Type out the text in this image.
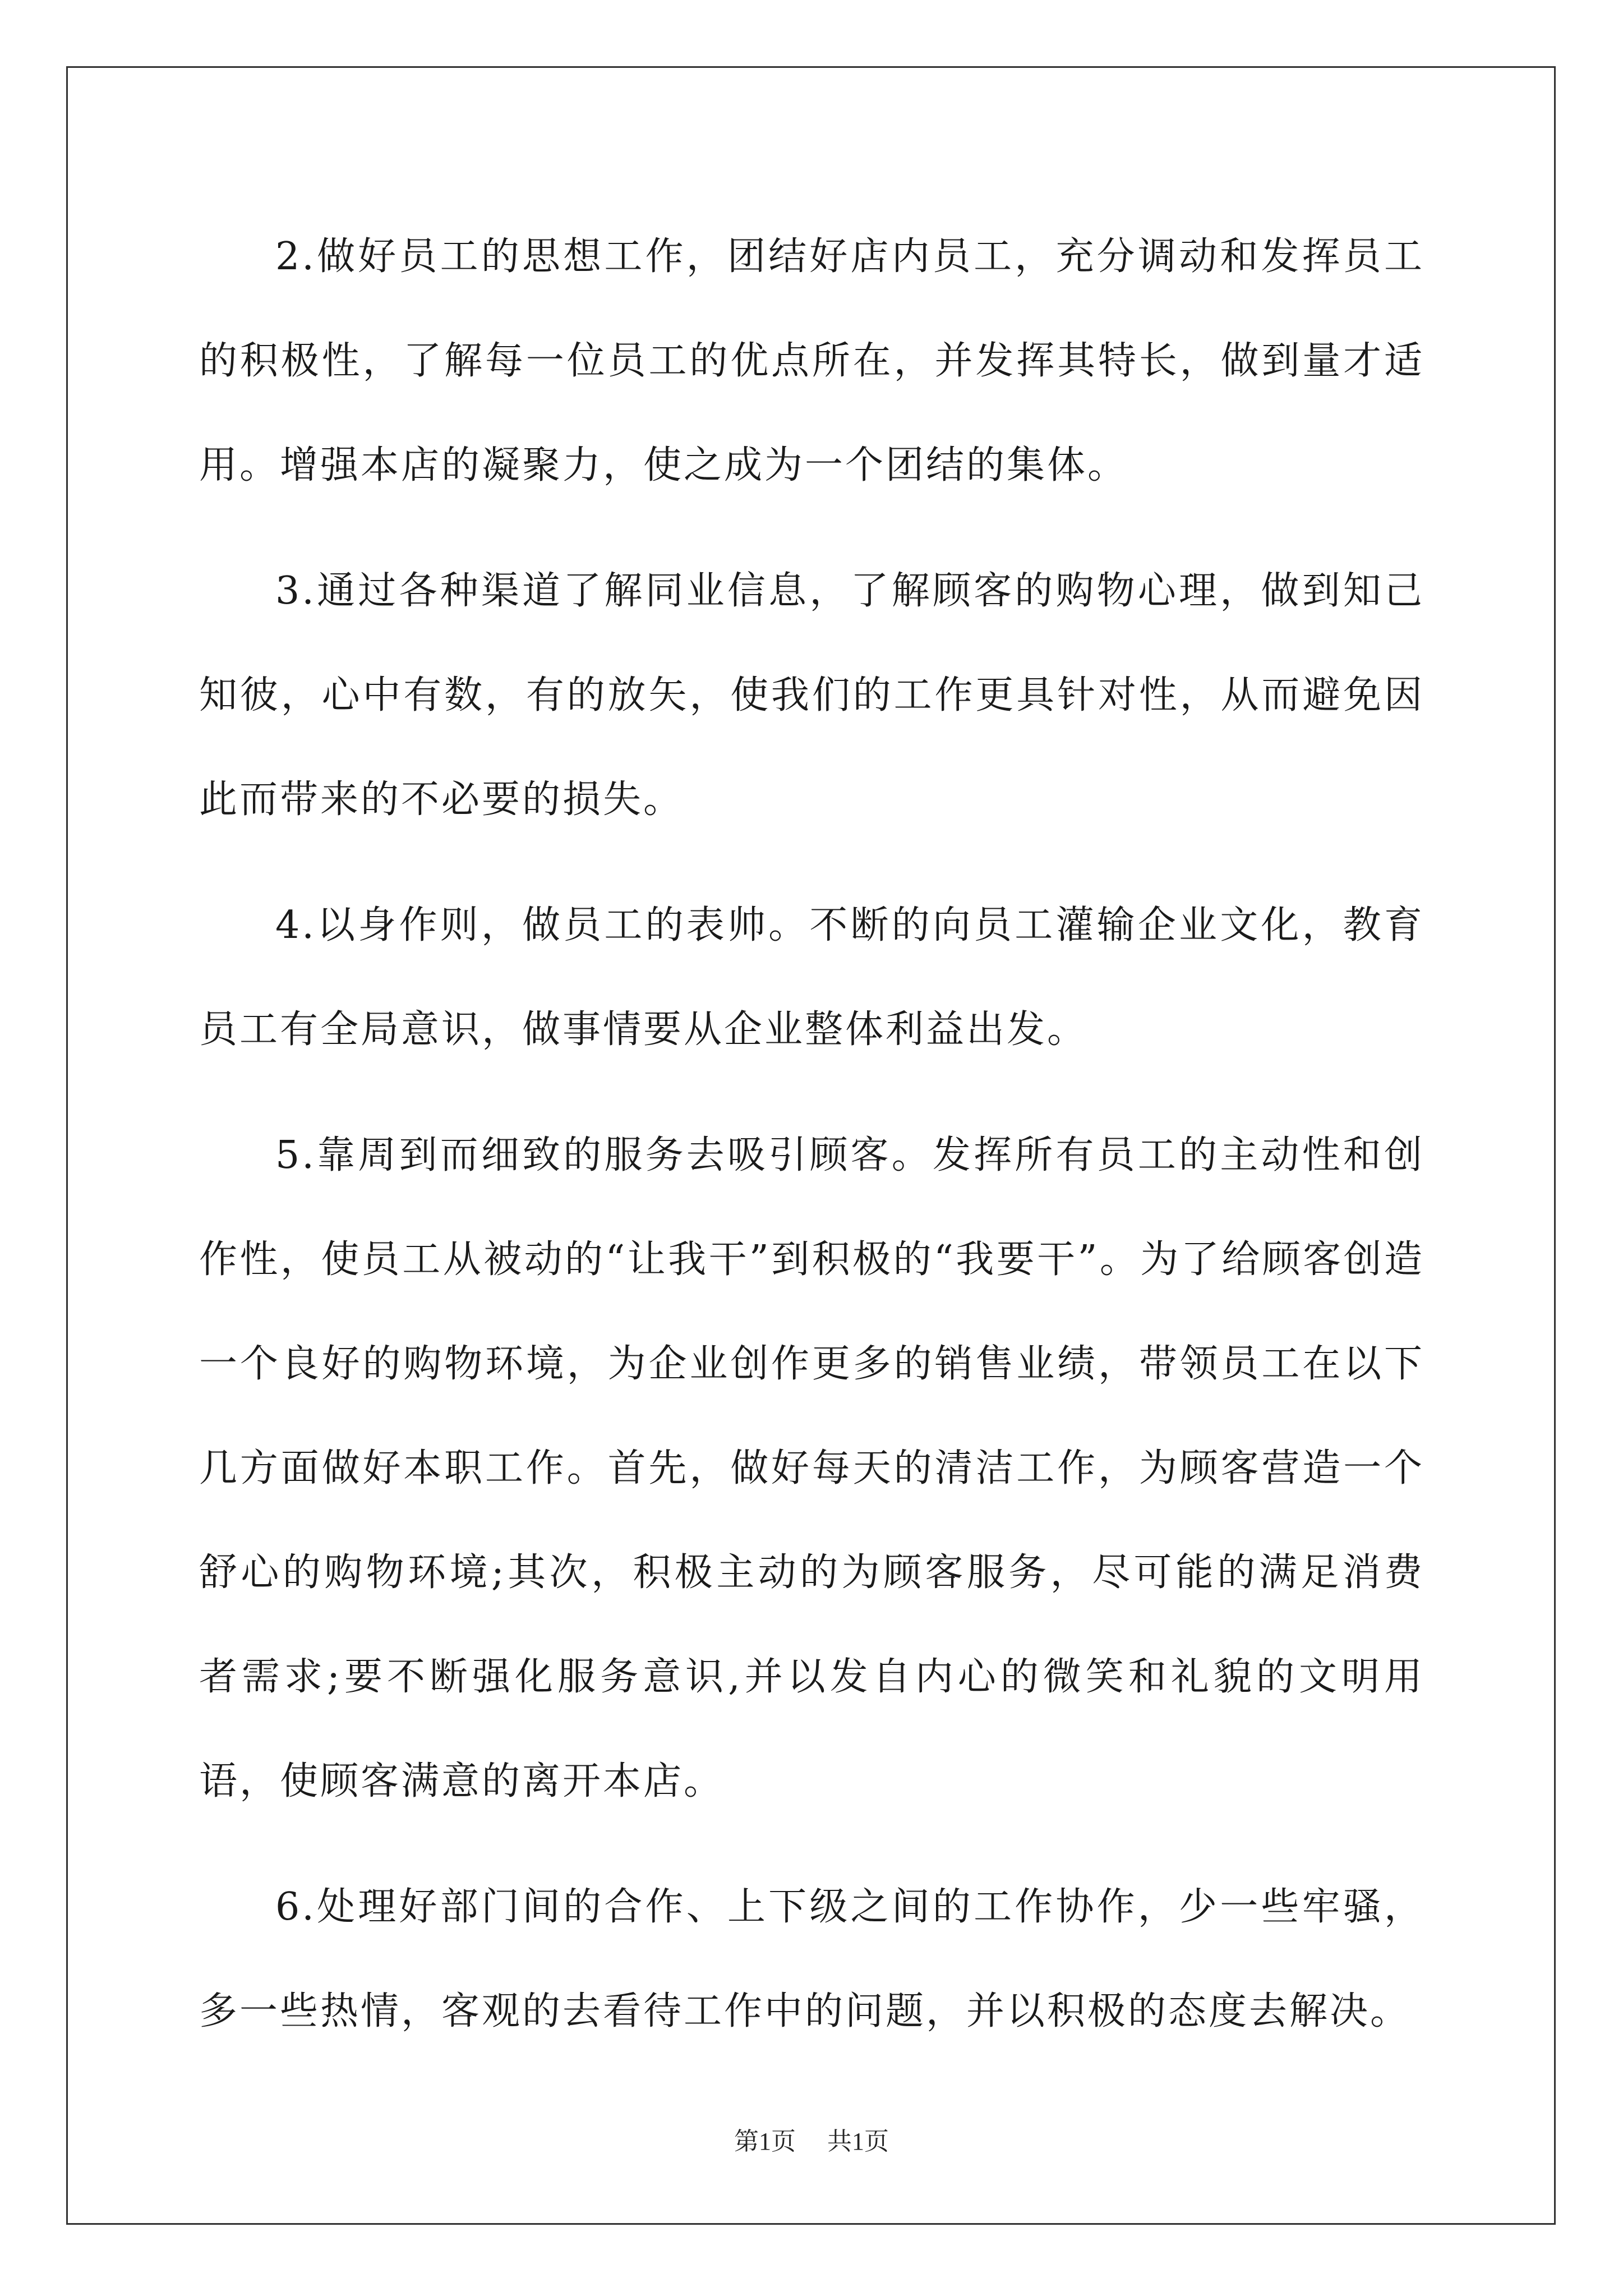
2.做好员工的思想工作，团结好店内员工，充分调动和发挥员工的积极性，了解每一位员工的优点所在，并发挥其特长，做到量才适用。增强本店的凝聚力，使之成为一个团结的集体。

3.通过各种渠道了解同业信息，了解顾客的购物心理，做到知己知彼，心中有数，有的放矢，使我们的工作更具针对性，从而避免因此而带来的不必要的损失。

4.以身作则，做员工的表帅。不断的向员工灌输企业文化，教育员工有全局意识，做事情要从企业整体利益出发。

5.靠周到而细致的服务去吸引顾客。发挥所有员工的主动性和创作性，使员工从被动的“让我干”到积极的“我要干”。为了给顾客创造一个良好的购物环境，为企业创作更多的销售业绩，带领员工在以下几方面做好本职工作。首先，做好每天的清洁工作，为顾客营造一个舒心的购物环境;其次，积极主动的为顾客服务，尽可能的满足消费者需求;要不断强化服务意识,并以发自内心的微笑和礼貌的文明用语，使顾客满意的离开本店。

6.处理好部门间的合作、上下级之间的工作协作，少一些牢骚，多一些热情，客观的去看待工作中的问题，并以积极的态度去解决。

第1页 共1页
